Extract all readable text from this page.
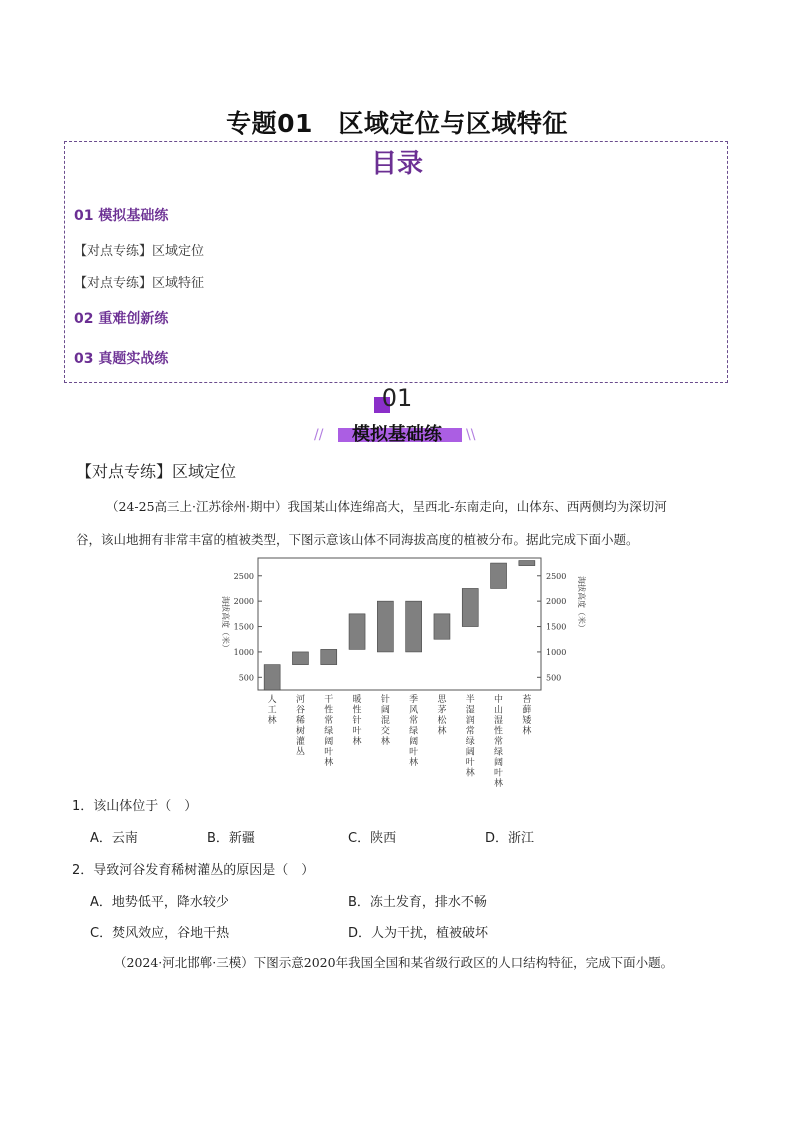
专题01　区域定位与区域特征
目录
01 模拟基础练
【对点专练】区域定位
【对点专练】区域特征
02 重难创新练
03 真题实战练
01
模拟基础练
//	\\
【对点专练】区域定位
（24-25高三上·江苏徐州·期中）我国某山体连绵高大，呈西北-东南走向，山体东、西两侧均为深切河
谷，该山地拥有非常丰富的植被类型，下图示意该山体不同海拔高度的植被分布。据此完成下面小题。
500
1000
1500
2000
2500
500
1000
1500
2000
2500
人工林
河谷稀树灌丛
干性常绿阔叶林
暖性针叶林
针阔混交林
季风常绿阔叶林
思茅松林
半湿润常绿阔叶林
中山湿性常绿阔叶林
苔藓矮林
海拔高度（米）	海拔高度（米）
1．该山体位于（　）
A．云南	B．新疆	C．陕西	D．浙江
2．导致河谷发育稀树灌丛的原因是（　）
A．地势低平，降水较少	B．冻土发育，排水不畅
C．焚风效应，谷地干热	D．人为干扰，植被破坏
（2024·河北邯郸·三模）下图示意2020年我国全国和某省级行政区的人口结构特征，完成下面小题。
